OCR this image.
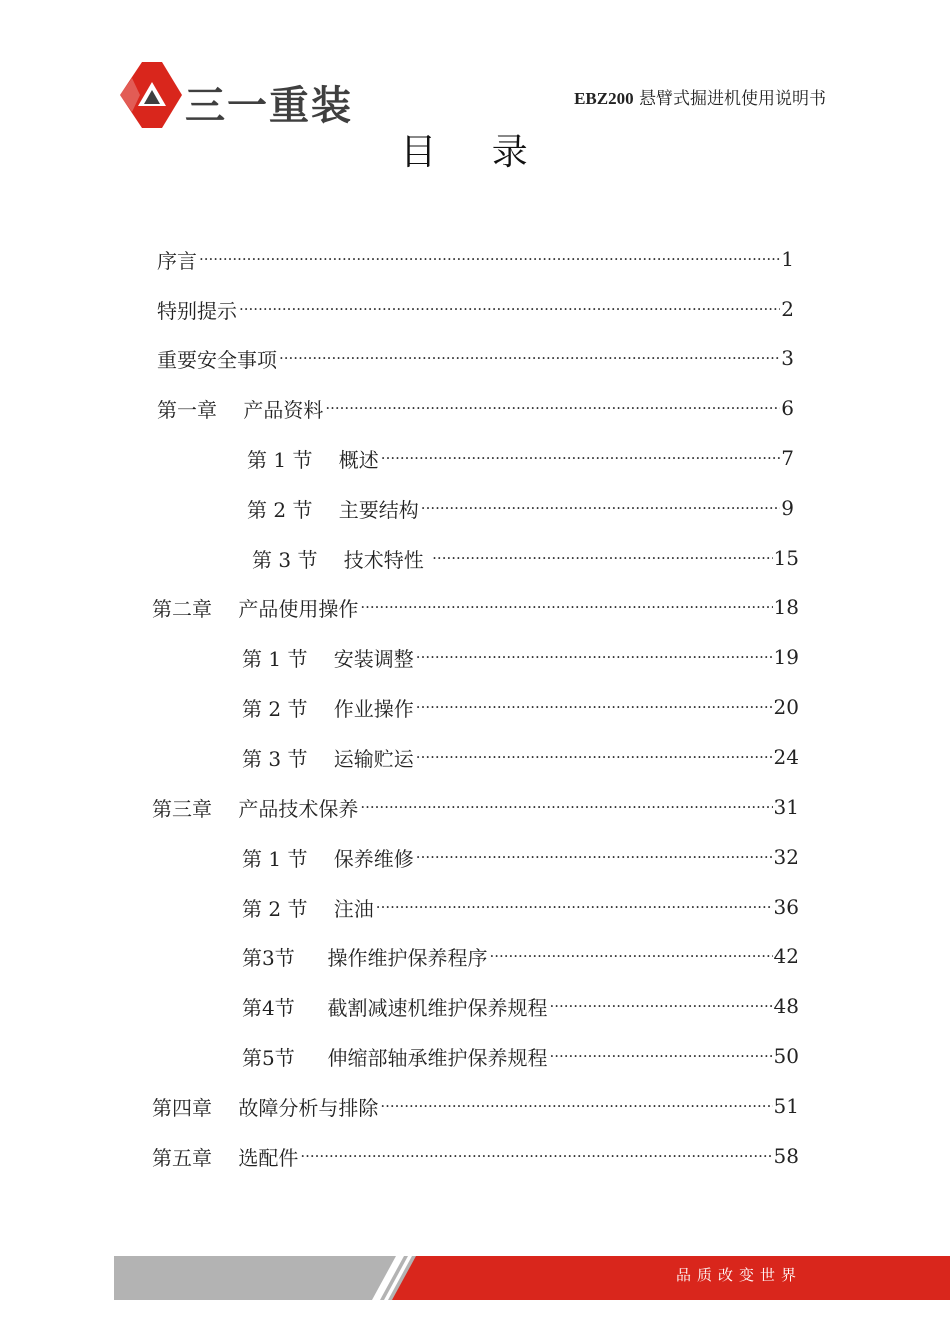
三一重装	EBZ200 悬臂式掘进机使用说明书
目 录
序言 ·····	1
特别提示 ·····	2
重要安全事项 ·····	3
第一章　 产品资料 ·····	6
第 1 节　 概述 ·····	7
第 2 节　 主要结构 ·····	9
第 3 节　 技术特性 ·····	15
第二章　 产品使用操作 ·····	18
第 1 节　 安装调整 ·····	19
第 2 节　 作业操作 ·····	20
第 3 节　 运输贮运 ·····	24
第三章　 产品技术保养 ·····	31
第 1 节　 保养维修 ·····	32
第 2 节　 注油 ·····	36
第3节　  操作维护保养程序 ·····	42
第4节　  截割减速机维护保养规程 ·····	48
第5节　  伸缩部轴承维护保养规程 ·····	50
第四章　 故障分析与排除 ·····	51
第五章　 选配件 ·····	58
品质改变世界
